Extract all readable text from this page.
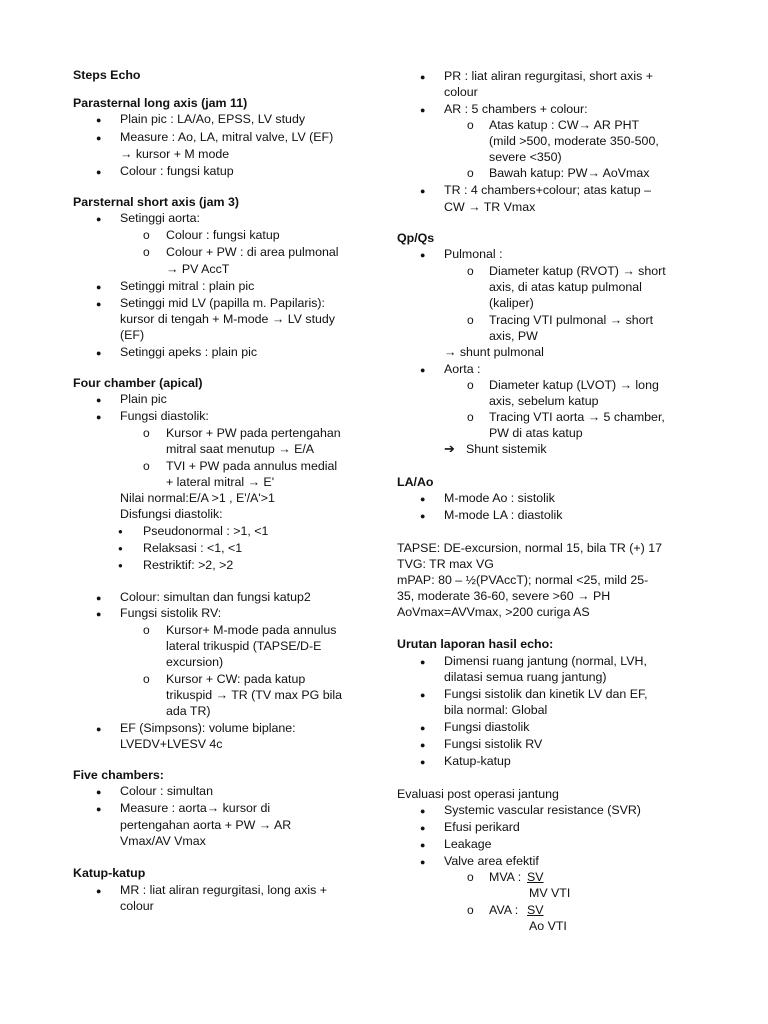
Steps Echo
Parasternal long axis (jam 11)
● Plain pic : LA/Ao, EPSS, LV study
● Measure : Ao, LA, mitral valve, LV (EF)
→ kursor + M mode
● Colour : fungsi katup
Parsternal short axis (jam 3)
● Setinggi aorta:
o Colour : fungsi katup
o Colour + PW : di area pulmonal
→ PV AccT
● Setinggi mitral : plain pic
● Setinggi mid LV (papilla m. Papilaris):
kursor di tengah + M-mode → LV study
(EF)
● Setinggi apeks : plain pic
Four chamber (apical)
● Plain pic
● Fungsi diastolik:
o Kursor + PW pada pertengahan
mitral saat menutup → E/A
o TVI + PW pada annulus medial
+ lateral mitral → E'
Nilai normal:E/A >1 , E'/A'>1
Disfungsi diastolik:
● Pseudonormal : >1, <1
● Relaksasi : <1, <1
● Restriktif: >2, >2
● Colour: simultan dan fungsi katup2
● Fungsi sistolik RV:
o Kursor+ M-mode pada annulus
lateral trikuspid (TAPSE/D-E
excursion)
o Kursor + CW: pada katup
trikuspid → TR (TV max PG bila
ada TR)
● EF (Simpsons): volume biplane:
LVEDV+LVESV 4c
Five chambers:
● Colour : simultan
● Measure : aorta→ kursor di
pertengahan aorta + PW → AR
Vmax/AV Vmax
Katup-katup
● MR : liat aliran regurgitasi, long axis +
colour
● PR : liat aliran regurgitasi, short axis +
colour
● AR : 5 chambers + colour:
o Atas katup : CW→ AR PHT
(mild >500, moderate 350-500,
severe <350)
o Bawah katup: PW→ AoVmax
● TR : 4 chambers+colour; atas katup –
CW → TR Vmax
Qp/Qs
● Pulmonal :
o Diameter katup (RVOT) → short
axis, di atas katup pulmonal
(kaliper)
o Tracing VTI pulmonal → short
axis, PW
→ shunt pulmonal
● Aorta :
o Diameter katup (LVOT) → long
axis, sebelum katup
o Tracing VTI aorta → 5 chamber,
PW di atas katup
➔ Shunt sistemik
LA/Ao
● M-mode Ao : sistolik
● M-mode LA : diastolik
TAPSE: DE-excursion, normal 15, bila TR (+) 17
TVG: TR max VG
mPAP: 80 – ½(PVAccT); normal <25, mild 25-
35, moderate 36-60, severe >60 → PH
AoVmax=AVVmax, >200 curiga AS
Urutan laporan hasil echo:
● Dimensi ruang jantung (normal, LVH,
dilatasi semua ruang jantung)
● Fungsi sistolik dan kinetik LV dan EF,
bila normal: Global
● Fungsi diastolik
● Fungsi sistolik RV
● Katup-katup
Evaluasi post operasi jantung
● Systemic vascular resistance (SVR)
● Efusi perikard
● Leakage
● Valve area efektif
o MVA : SV
MV VTI
o AVA : SV
Ao VTI
